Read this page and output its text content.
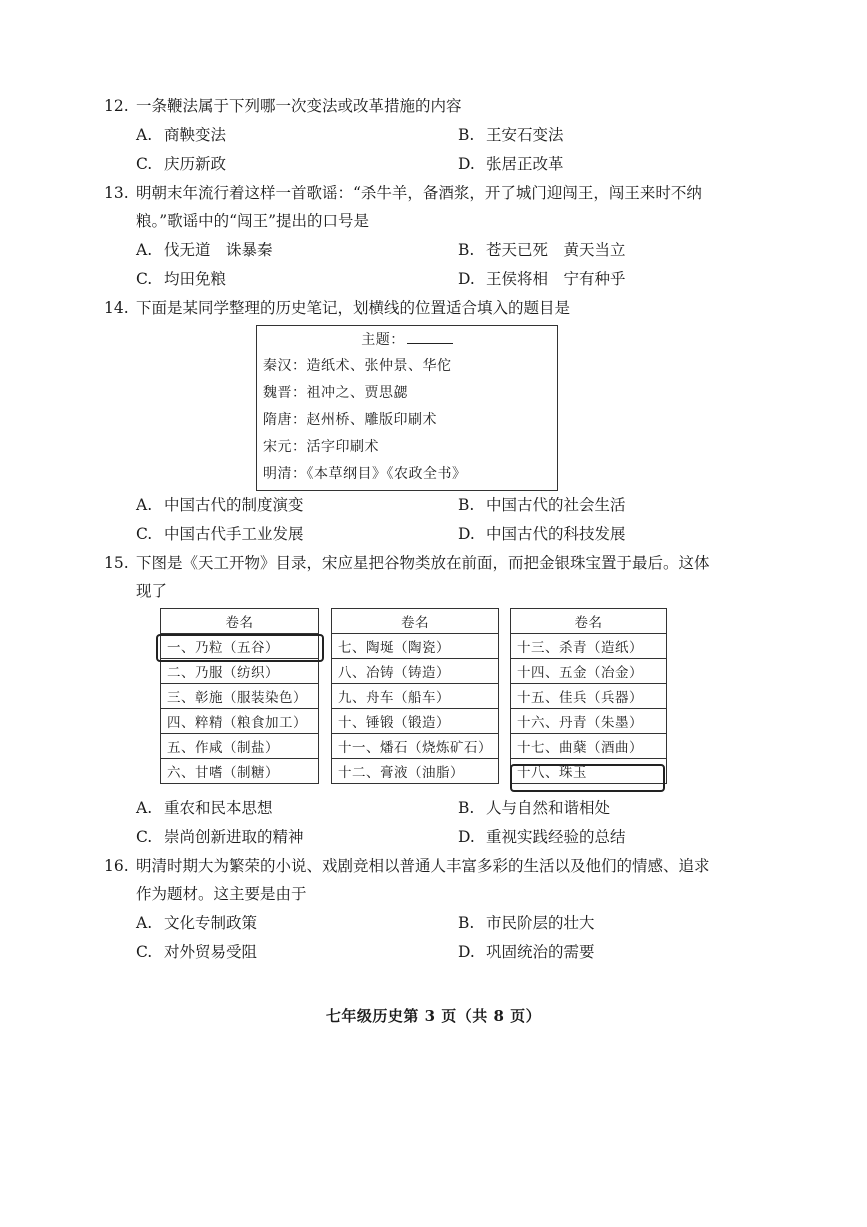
12. 一条鞭法属于下列哪一次变法或改革措施的内容
A. 商鞅变法	B. 王安石变法
C. 庆历新政	D. 张居正改革
13. 明朝末年流行着这样一首歌谣：“杀牛羊，备酒浆，开了城门迎闯王，闯王来时不纳
粮。”歌谣中的“闯王”提出的口号是
A. 伐无道　诛暴秦	B. 苍天已死　黄天当立
C. 均田免粮	D. 王侯将相　宁有种乎
14. 下面是某同学整理的历史笔记，划横线的位置适合填入的题目是
主题：
秦汉：造纸术、张仲景、华佗
魏晋：祖冲之、贾思勰
隋唐：赵州桥、雕版印刷术
宋元：活字印刷术
明清：《本草纲目》《农政全书》
A. 中国古代的制度演变	B. 中国古代的社会生活
C. 中国古代手工业发展	D. 中国古代的科技发展
15. 下图是《天工开物》目录，宋应星把谷物类放在前面，而把金银珠宝置于最后。这体
现了
卷名
一、乃粒（五谷）
二、乃服（纺织）
三、彰施（服装染色）
四、粹精（粮食加工）
五、作咸（制盐）
六、甘嗜（制糖）
卷名
七、陶埏（陶瓷）
八、冶铸（铸造）
九、舟车（船车）
十、锤锻（锻造）
十一、燔石（烧炼矿石）
十二、膏液（油脂）
卷名
十三、杀青（造纸）
十四、五金（冶金）
十五、佳兵（兵器）
十六、丹青（朱墨）
十七、曲蘖（酒曲）
十八、珠玉
A. 重农和民本思想	B. 人与自然和谐相处
C. 崇尚创新进取的精神	D. 重视实践经验的总结
16. 明清时期大为繁荣的小说、戏剧竞相以普通人丰富多彩的生活以及他们的情感、追求
作为题材。这主要是由于
A. 文化专制政策	B. 市民阶层的壮大
C. 对外贸易受阻	D. 巩固统治的需要
七年级历史第 3 页（共 8 页）
